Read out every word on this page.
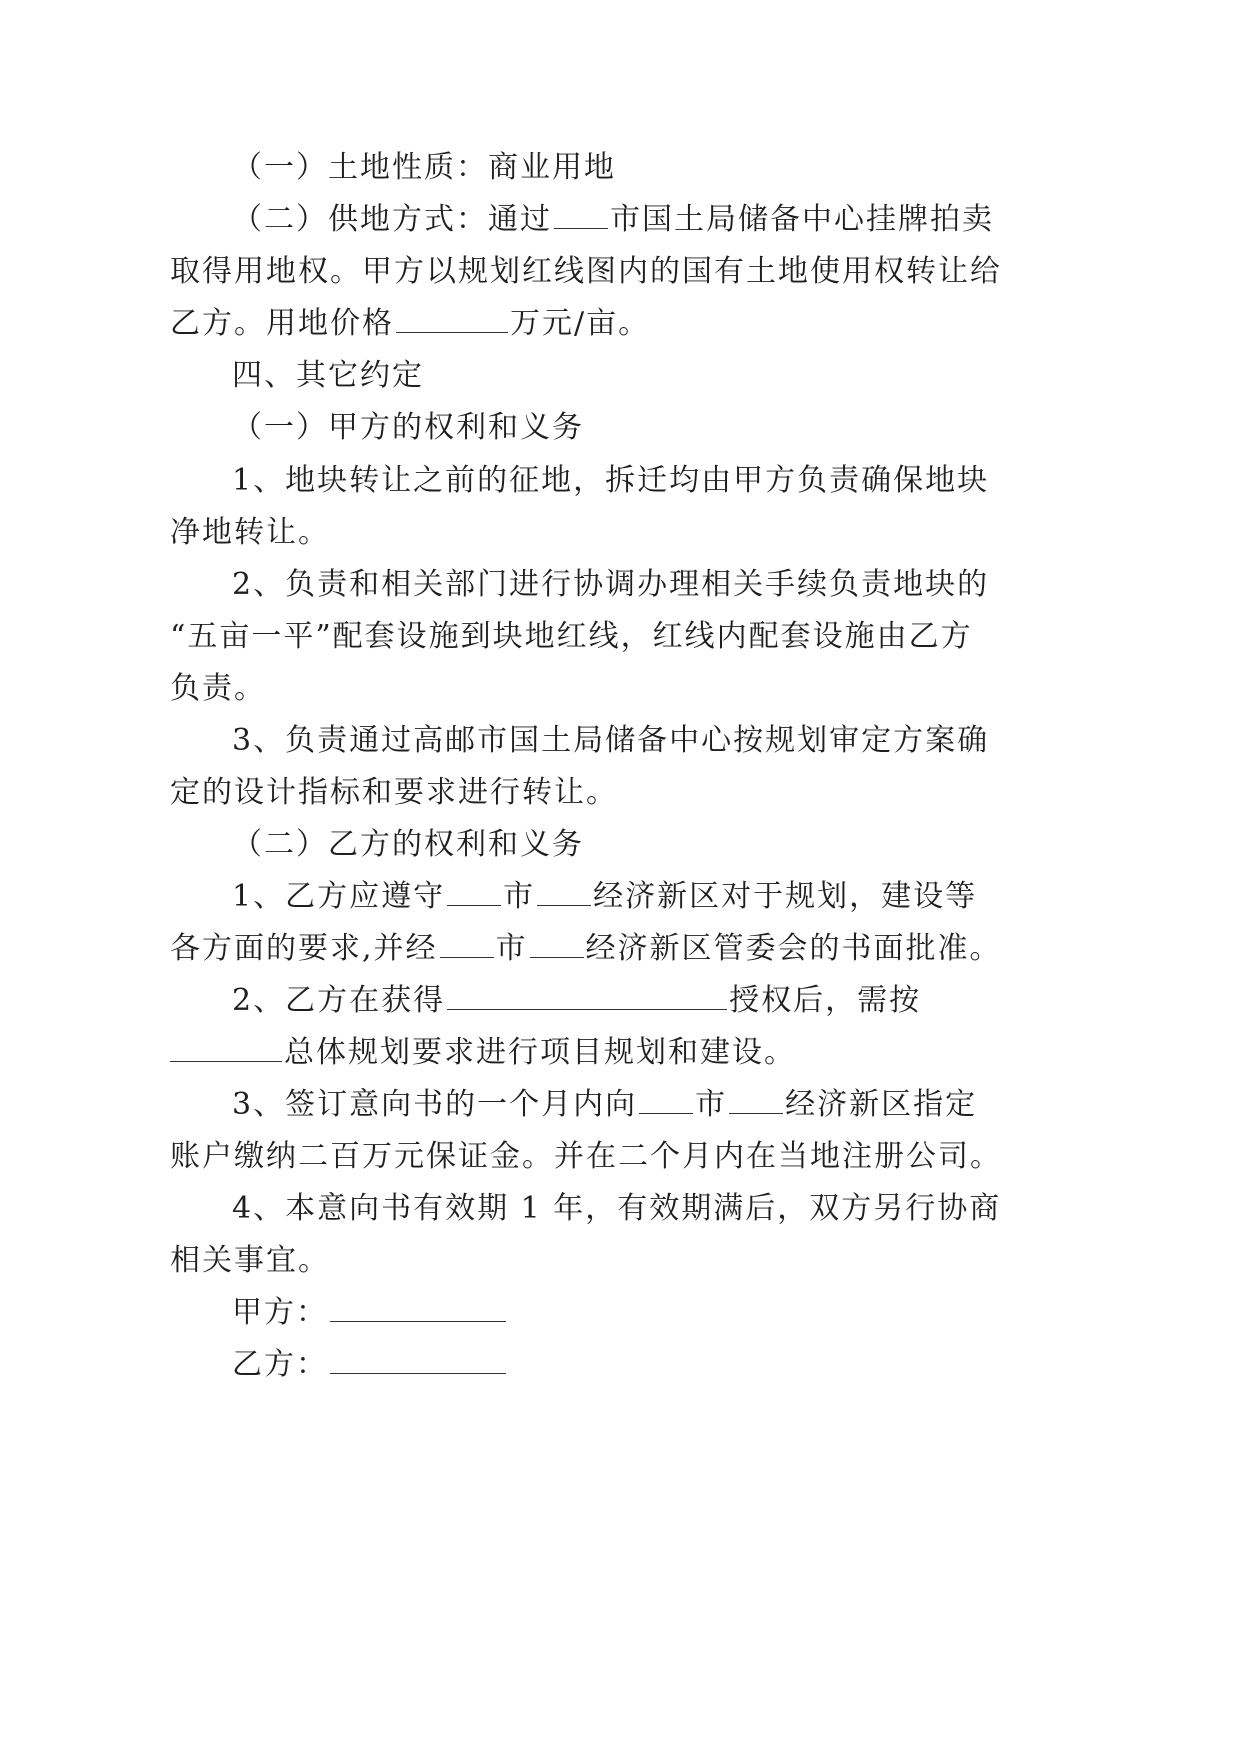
（一）土地性质：商业用地
（二）供地方式：通过 市国土局储备中心挂牌拍卖
取得用地权。甲方以规划红线图内的国有土地使用权转让给
乙方。用地价格	万元/亩。
四、其它约定
（一）甲方的权利和义务
1、地块转让之前的征地，拆迁均由甲方负责确保地块
净地转让。
2、负责和相关部门进行协调办理相关手续负责地块的
“五亩一平”配套设施到块地红线，红线内配套设施由乙方
负责。
3、负责通过高邮市国土局储备中心按规划审定方案确
定的设计指标和要求进行转让。
（二）乙方的权利和义务
1、乙方应遵守 市 经济新区对于规划，建设等
各方面的要求,并经 市 经济新区管委会的书面批准。
2、乙方在获得	授权后，需按
总体规划要求进行项目规划和建设。
3、签订意向书的一个月内向 市 经济新区指定
账户缴纳二百万元保证金。并在二个月内在当地注册公司。
4、本意向书有效期 1 年，有效期满后，双方另行协商
相关事宜。
甲方：
乙方：
